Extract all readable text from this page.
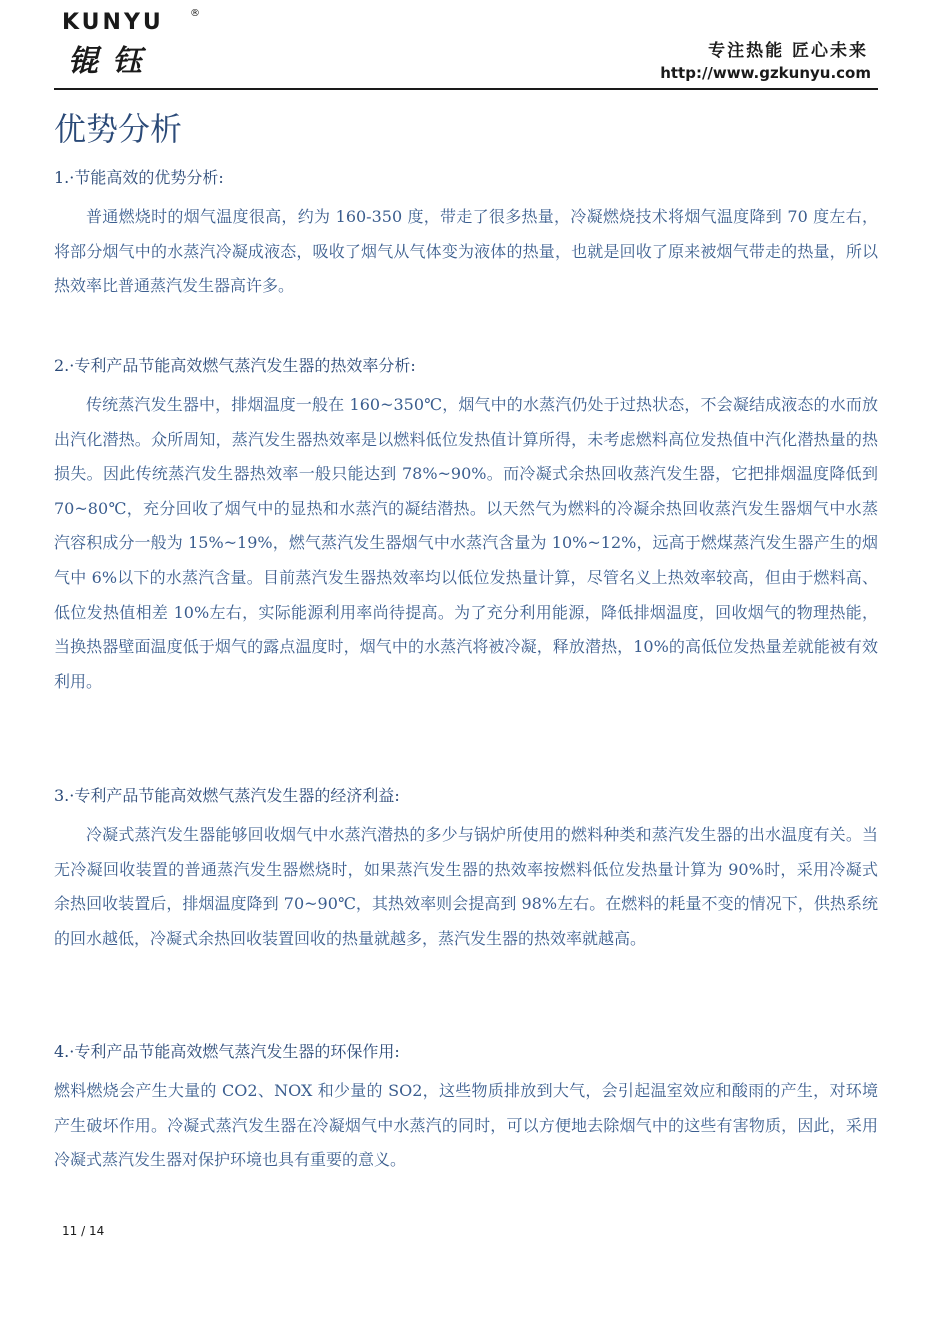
KUNYU	®
锟钰	专注热能 匠心未来
http://www.gzkunyu.com
优势分析

1.·节能高效的优势分析:

普通燃烧时的烟气温度很高，约为 160-350 度，带走了很多热量，冷凝燃烧技术将烟气温度降到 70 度左右，将部分烟气中的水蒸汽冷凝成液态，吸收了烟气从气体变为液体的热量，也就是回收了原来被烟气带走的热量，所以热效率比普通蒸汽发生器高许多。

2.·专利产品节能高效燃气蒸汽发生器的热效率分析:

传统蒸汽发生器中，排烟温度一般在 160~350℃，烟气中的水蒸汽仍处于过热状态，不会凝结成液态的水而放出汽化潜热。众所周知，蒸汽发生器热效率是以燃料低位发热值计算所得，未考虑燃料高位发热值中汽化潜热量的热损失。因此传统蒸汽发生器热效率一般只能达到 78%~90%。而冷凝式余热回收蒸汽发生器，它把排烟温度降低到 70~80℃，充分回收了烟气中的显热和水蒸汽的凝结潜热。以天然气为燃料的冷凝余热回收蒸汽发生器烟气中水蒸汽容积成分一般为 15%~19%，燃气蒸汽发生器烟气中水蒸汽含量为 10%~12%，远高于燃煤蒸汽发生器产生的烟气中 6%以下的水蒸汽含量。目前蒸汽发生器热效率均以低位发热量计算，尽管名义上热效率较高，但由于燃料高、低位发热值相差 10%左右，实际能源利用率尚待提高。为了充分利用能源，降低排烟温度，回收烟气的物理热能，当换热器壁面温度低于烟气的露点温度时，烟气中的水蒸汽将被冷凝，释放潜热，10%的高低位发热量差就能被有效利用。

3.·专利产品节能高效燃气蒸汽发生器的经济利益:

冷凝式蒸汽发生器能够回收烟气中水蒸汽潜热的多少与锅炉所使用的燃料种类和蒸汽发生器的出水温度有关。当无冷凝回收装置的普通蒸汽发生器燃烧时，如果蒸汽发生器的热效率按燃料低位发热量计算为 90%时，采用冷凝式余热回收装置后，排烟温度降到 70~90℃，其热效率则会提高到 98%左右。在燃料的耗量不变的情况下，供热系统的回水越低，冷凝式余热回收装置回收的热量就越多，蒸汽发生器的热效率就越高。

4.·专利产品节能高效燃气蒸汽发生器的环保作用:

燃料燃烧会产生大量的 CO2、NOX 和少量的 SO2，这些物质排放到大气，会引起温室效应和酸雨的产生，对环境产生破坏作用。冷凝式蒸汽发生器在冷凝烟气中水蒸汽的同时，可以方便地去除烟气中的这些有害物质，因此，采用冷凝式蒸汽发生器对保护环境也具有重要的意义。

11 / 14
